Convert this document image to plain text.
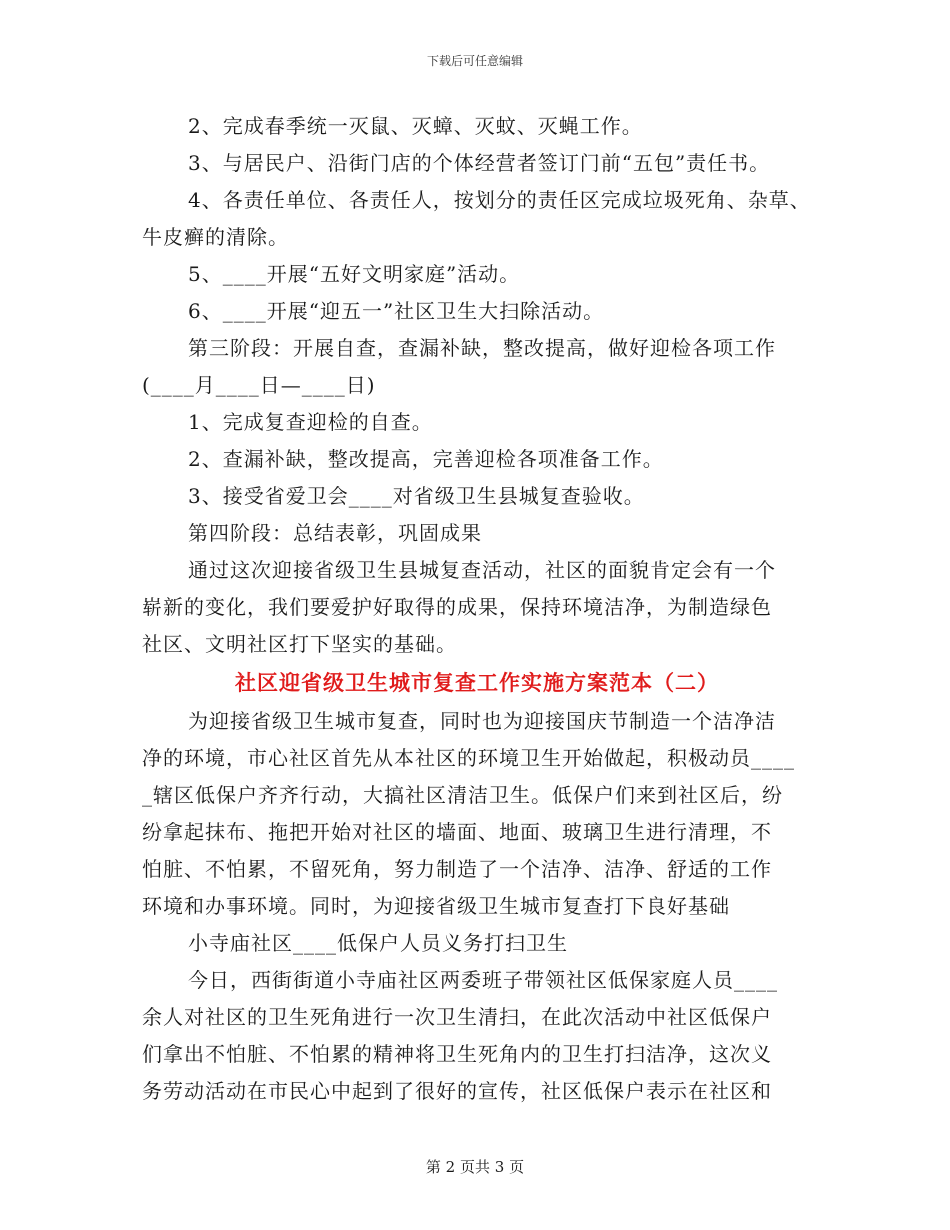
下载后可任意编辑
2、完成春季统一灭鼠、灭蟑、灭蚊、灭蝇工作。
3、与居民户、沿街门店的个体经营者签订门前“五包”责任书。
4、各责任单位、各责任人，按划分的责任区完成垃圾死角、杂草、
牛皮癣的清除。
5、____开展“五好文明家庭”活动。
6、____开展“迎五一”社区卫生大扫除活动。
第三阶段：开展自查，查漏补缺，整改提高，做好迎检各项工作
(____月____日—____日)
1、完成复查迎检的自查。
2、查漏补缺，整改提高，完善迎检各项准备工作。
3、接受省爱卫会____对省级卫生县城复查验收。
第四阶段：总结表彰，巩固成果
通过这次迎接省级卫生县城复查活动，社区的面貌肯定会有一个
崭新的变化，我们要爱护好取得的成果，保持环境洁净，为制造绿色
社区、文明社区打下坚实的基础。
社区迎省级卫生城市复查工作实施方案范本（二）
为迎接省级卫生城市复查，同时也为迎接国庆节制造一个洁净洁
净的环境，市心社区首先从本社区的环境卫生开始做起，积极动员____
_辖区低保户齐齐行动，大搞社区清洁卫生。低保户们来到社区后，纷
纷拿起抹布、拖把开始对社区的墙面、地面、玻璃卫生进行清理，不
怕脏、不怕累，不留死角，努力制造了一个洁净、洁净、舒适的工作
环境和办事环境。同时，为迎接省级卫生城市复查打下良好基础
小寺庙社区____低保户人员义务打扫卫生
今日，西街街道小寺庙社区两委班子带领社区低保家庭人员____
余人对社区的卫生死角进行一次卫生清扫，在此次活动中社区低保户
们拿出不怕脏、不怕累的精神将卫生死角内的卫生打扫洁净，这次义
务劳动活动在市民心中起到了很好的宣传，社区低保户表示在社区和
第 2 页共 3 页
